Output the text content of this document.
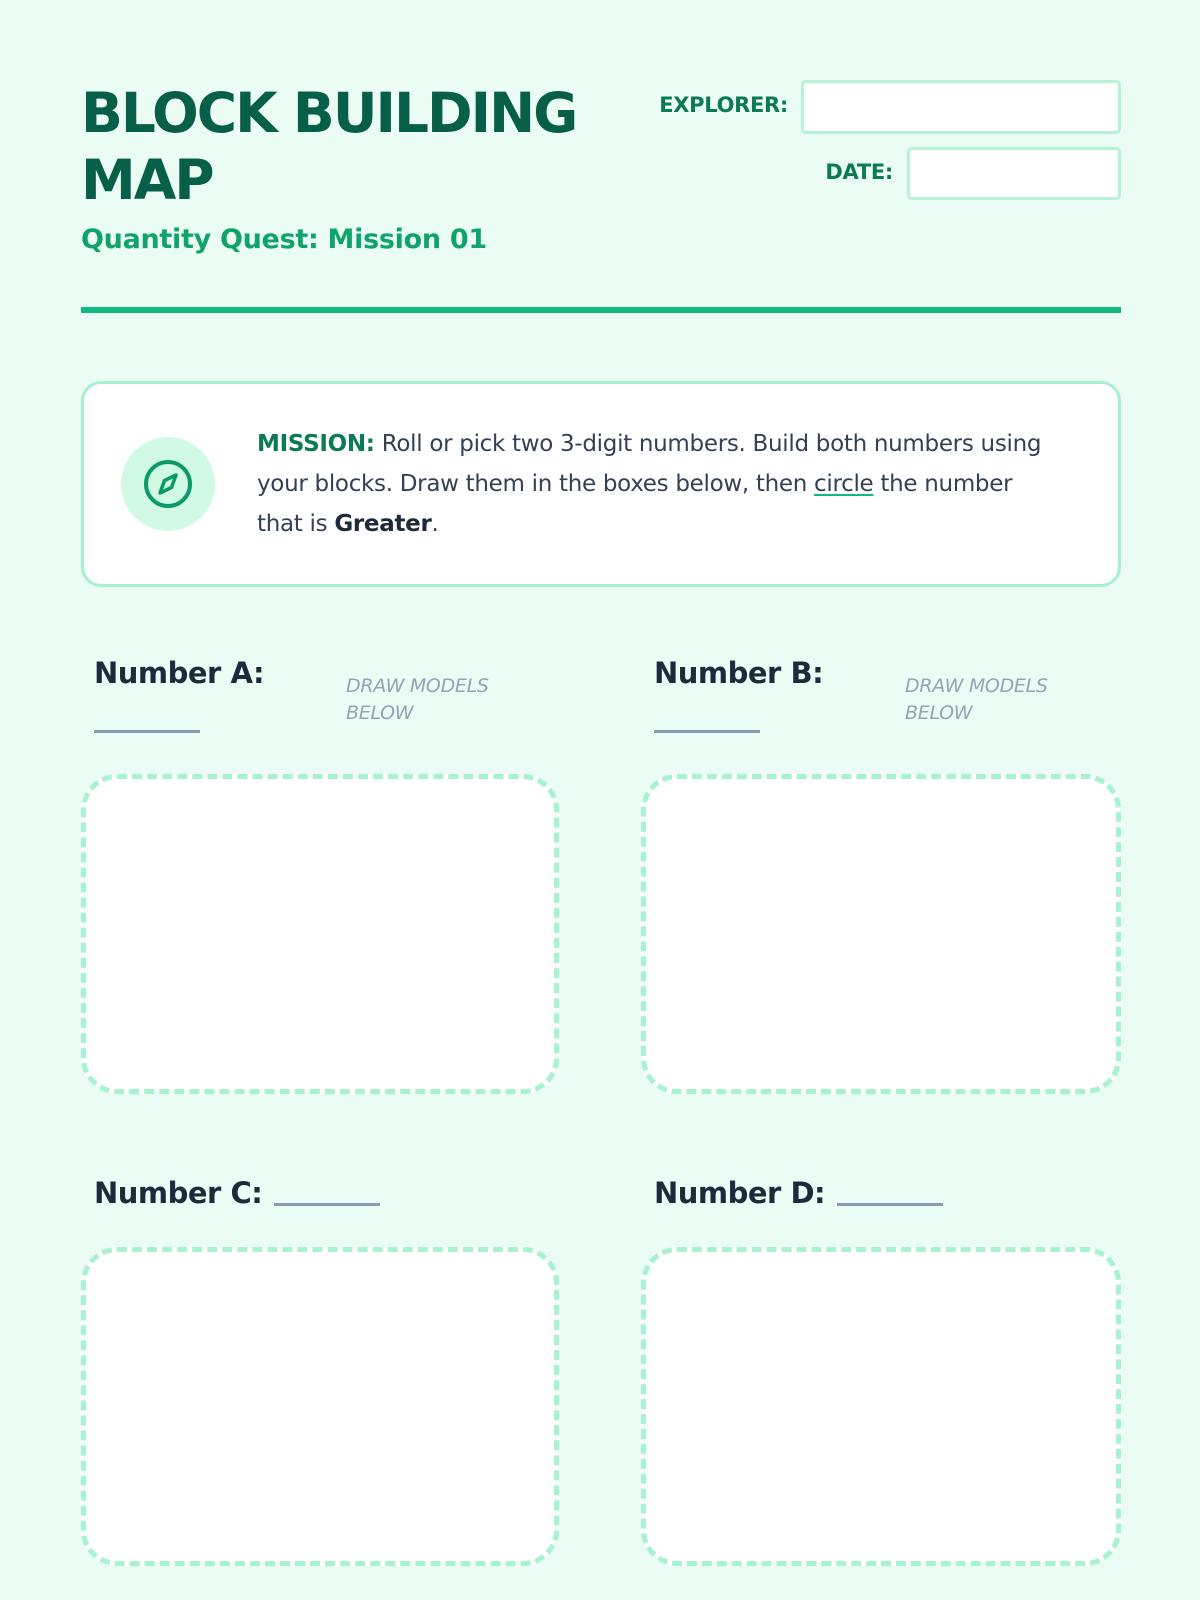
BLOCK BUILDING MAP
Quantity Quest: Mission 01
EXPLORER:
DATE:
MISSION: Roll or pick two 3-digit numbers. Build both numbers using your blocks. Draw them in the boxes below, then circle the number that is Greater.
Number A:	DRAW MODELS BELOW
Number B:	DRAW MODELS BELOW
Number C:	Number D:
